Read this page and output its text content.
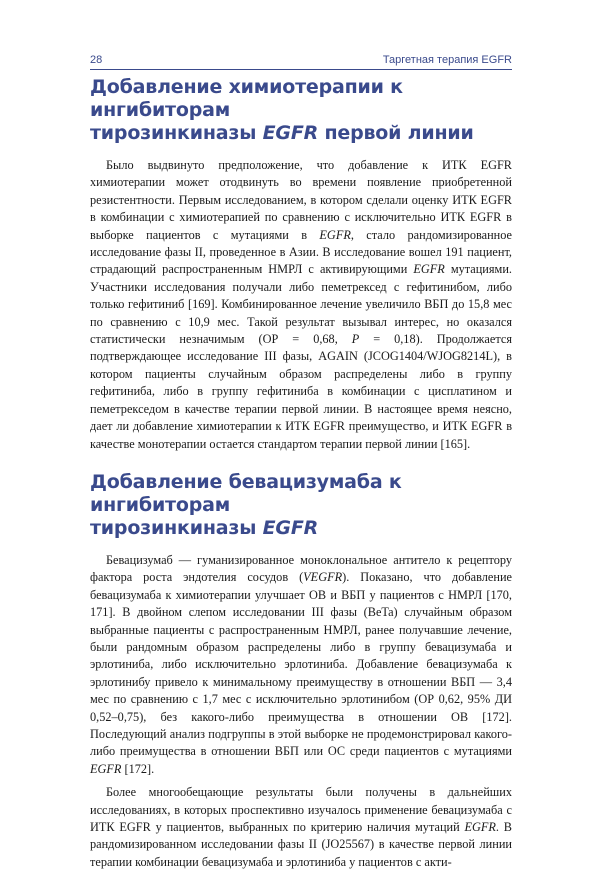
28	Таргетная терапия EGFR
Добавление химиотерапии к ингибиторам
тирозинкиназы EGFR первой линии

Было выдвинуто предположение, что добавление к ИТК EGFR химиотерапии может отодвинуть во времени появление приобретенной резистентности. Первым исследованием, в котором сделали оценку ИТК EGFR в комбинации с химиотерапией по сравнению с исключительно ИТК EGFR в выборке пациентов с мутациями в EGFR, стало рандомизированное исследование фазы II, проведенное в Азии. В исследование вошел 191 пациент, страдающий распространенным НМРЛ с активирующими EGFR мутациями. Участники исследования получали либо пеметрексед с гефитинибом, либо только гефитиниб [169]. Комбинированное лечение увеличило ВБП до 15,8 мес по сравнению с 10,9 мес. Такой результат вызывал интерес, но оказался статистически незначимым (ОР = 0,68, P = 0,18). Продолжается подтверждающее исследование III фазы, AGAIN (JCOG1404/WJOG8214L), в котором пациенты случайным образом распределены либо в группу гефитиниба, либо в группу гефитиниба в комбинации с цисплатином и пеметрекседом в качестве терапии первой линии. В настоящее время неясно, дает ли добавление химиотерапии к ИТК EGFR преимущество, и ИТК EGFR в качестве монотерапии остается стандартом терапии первой линии [165].

Добавление бевацизумаба к ингибиторам
тирозинкиназы EGFR

Бевацизумаб — гуманизированное моноклональное антитело к рецептору фактора роста эндотелия сосудов (VEGFR). Показано, что добавление бевацизумаба к химиотерапии улучшает ОВ и ВБП у пациентов с НМРЛ [170, 171]. В двойном слепом исследовании III фазы (BeTa) случайным образом выбранные пациенты с распространенным НМРЛ, ранее получавшие лечение, были рандомным образом распределены либо в группу бевацизумаба и эрлотиниба, либо исключительно эрлотиниба. Добавление бевацизумаба к эрлотинибу привело к минимальному преимуществу в отношении ВБП — 3,4 мес по сравнению с 1,7 мес с исключительно эрлотинибом (ОР 0,62, 95% ДИ 0,52–0,75), без какого-либо преимущества в отношении ОВ [172]. Последующий анализ подгруппы в этой выборке не продемонстрировал какого-либо преимущества в отношении ВБП или ОС среди пациентов с мутациями EGFR [172].

Более многообещающие результаты были получены в дальнейших исследованиях, в которых проспективно изучалось применение бевацизумаба с ИТК EGFR у пациентов, выбранных по критерию наличия мутаций EGFR. В рандомизированном исследовании фазы II (JO25567) в качестве первой линии терапии комбинации бевацизумаба и эрлотиниба у пациентов с акти-
